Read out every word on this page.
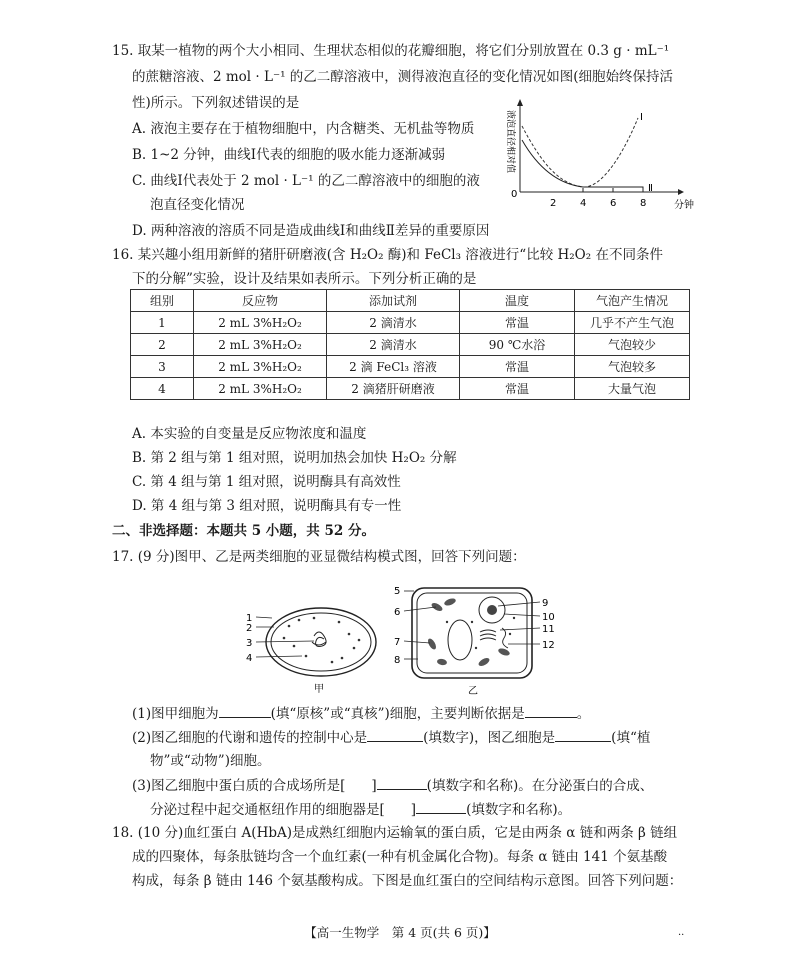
15. 取某一植物的两个大小相同、生理状态相似的花瓣细胞，将它们分别放置在 0.3 g · mL⁻¹
的蔗糖溶液、2 mol · L⁻¹ 的乙二醇溶液中，测得液泡直径的变化情况如图(细胞始终保持活
性)所示。下列叙述错误的是
A. 液泡主要存在于植物细胞中，内含糖类、无机盐等物质
B. 1~2 分钟，曲线Ⅰ代表的细胞的吸水能力逐渐减弱
C. 曲线Ⅰ代表处于 2 mol · L⁻¹ 的乙二醇溶液中的细胞的液
泡直径变化情况
D. 两种溶液的溶质不同是造成曲线Ⅰ和曲线Ⅱ差异的重要原因
液泡直径相对值
0
2 4 6 8	分钟
Ⅰ
Ⅱ
16. 某兴趣小组用新鲜的猪肝研磨液(含 H₂O₂ 酶)和 FeCl₃ 溶液进行“比较 H₂O₂ 在不同条件
下的分解”实验，设计及结果如表所示。下列分析正确的是
组别	反应物	添加试剂	温度	气泡产生情况
1	2 mL 3%H₂O₂	2 滴清水	常温	几乎不产生气泡
2	2 mL 3%H₂O₂	2 滴清水	90 ℃水浴	气泡较少
3	2 mL 3%H₂O₂	2 滴 FeCl₃ 溶液	常温	气泡较多
4	2 mL 3%H₂O₂	2 滴猪肝研磨液	常温	大量气泡
A. 本实验的自变量是反应物浓度和温度
B. 第 2 组与第 1 组对照，说明加热会加快 H₂O₂ 分解
C. 第 4 组与第 1 组对照，说明酶具有高效性
D. 第 4 组与第 3 组对照，说明酶具有专一性
二、非选择题：本题共 5 小题，共 52 分。
17. (9 分)图甲、乙是两类细胞的亚显微结构模式图，回答下列问题：
1
2
3
4
甲
5
6
7
8
9
10
11
12
乙
(1)图甲细胞为	(填“原核”或“真核”)细胞，主要判断依据是	。
(2)图乙细胞的代谢和遗传的控制中心是	(填数字)，图乙细胞是	(填“植
物”或“动物”)细胞。
(3)图乙细胞中蛋白质的合成场所是[ ]	(填数字和名称)。在分泌蛋白的合成、
分泌过程中起交通枢纽作用的细胞器是[ ]	(填数字和名称)。
18. (10 分)血红蛋白 A(HbA)是成熟红细胞内运输氧的蛋白质，它是由两条 α 链和两条 β 链组
成的四聚体，每条肽链均含一个血红素(一种有机金属化合物)。每条 α 链由 141 个氨基酸
构成，每条 β 链由 146 个氨基酸构成。下图是血红蛋白的空间结构示意图。回答下列问题：
【高一生物学　第 4 页(共 6 页)】	··
